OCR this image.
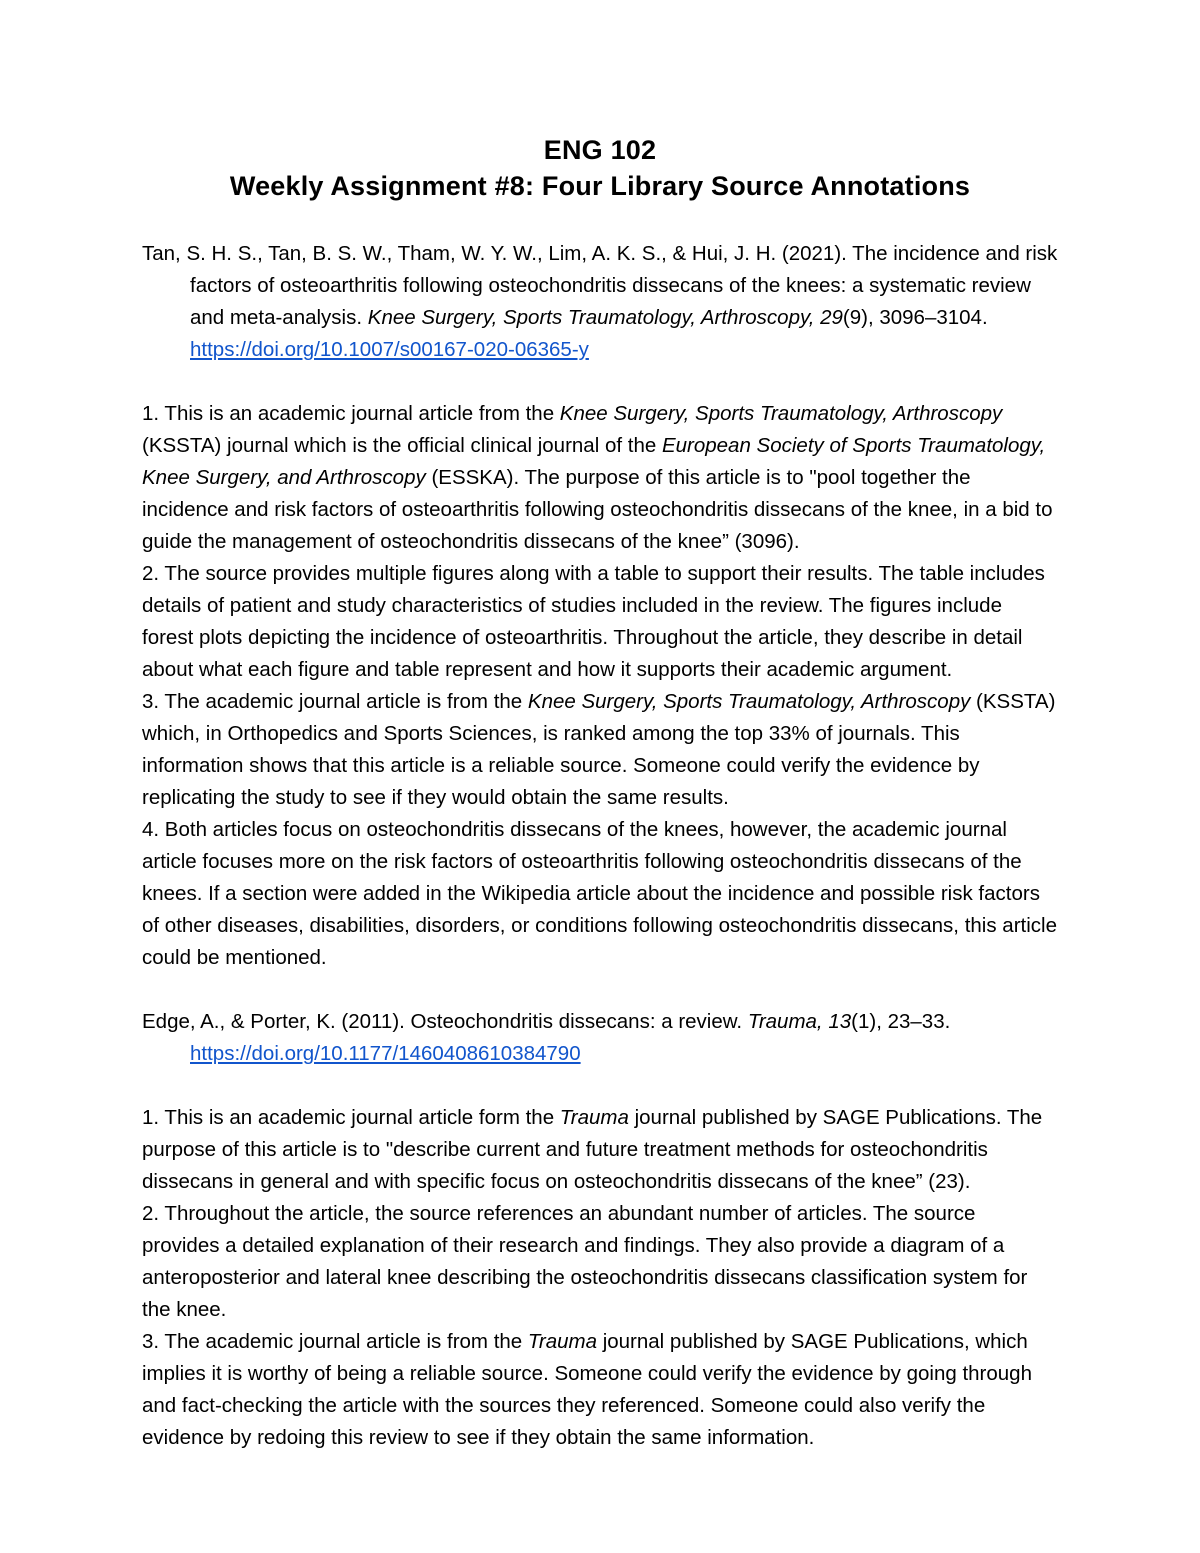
ENG 102
Weekly Assignment #8: Four Library Source Annotations

Tan, S. H. S., Tan, B. S. W., Tham, W. Y. W., Lim, A. K. S., & Hui, J. H. (2021). The incidence and risk factors of osteoarthritis following osteochondritis dissecans of the knees: a systematic review and meta-analysis. Knee Surgery, Sports Traumatology, Arthroscopy, 29(9), 3096–3104. https://doi.org/10.1007/s00167-020-06365-y

1. This is an academic journal article from the Knee Surgery, Sports Traumatology, Arthroscopy (KSSTA) journal which is the official clinical journal of the European Society of Sports Traumatology, Knee Surgery, and Arthroscopy (ESSKA). The purpose of this article is to "pool together the incidence and risk factors of osteoarthritis following osteochondritis dissecans of the knee, in a bid to guide the management of osteochondritis dissecans of the knee” (3096).

2. The source provides multiple figures along with a table to support their results. The table includes details of patient and study characteristics of studies included in the review. The figures include forest plots depicting the incidence of osteoarthritis. Throughout the article, they describe in detail about what each figure and table represent and how it supports their academic argument.

3. The academic journal article is from the Knee Surgery, Sports Traumatology, Arthroscopy (KSSTA) which, in Orthopedics and Sports Sciences, is ranked among the top 33% of journals. This information shows that this article is a reliable source. Someone could verify the evidence by replicating the study to see if they would obtain the same results.

4. Both articles focus on osteochondritis dissecans of the knees, however, the academic journal article focuses more on the risk factors of osteoarthritis following osteochondritis dissecans of the knees. If a section were added in the Wikipedia article about the incidence and possible risk factors of other diseases, disabilities, disorders, or conditions following osteochondritis dissecans, this article could be mentioned.

Edge, A., & Porter, K. (2011). Osteochondritis dissecans: a review. Trauma, 13(1), 23–33.
https://doi.org/10.1177/1460408610384790

1. This is an academic journal article form the Trauma journal published by SAGE Publications. The purpose of this article is to "describe current and future treatment methods for osteochondritis dissecans in general and with specific focus on osteochondritis dissecans of the knee” (23).

2. Throughout the article, the source references an abundant number of articles. The source provides a detailed explanation of their research and findings. They also provide a diagram of a anteroposterior and lateral knee describing the osteochondritis dissecans classification system for the knee.

3. The academic journal article is from the Trauma journal published by SAGE Publications, which implies it is worthy of being a reliable source. Someone could verify the evidence by going through and fact-checking the article with the sources they referenced. Someone could also verify the evidence by redoing this review to see if they obtain the same information.
